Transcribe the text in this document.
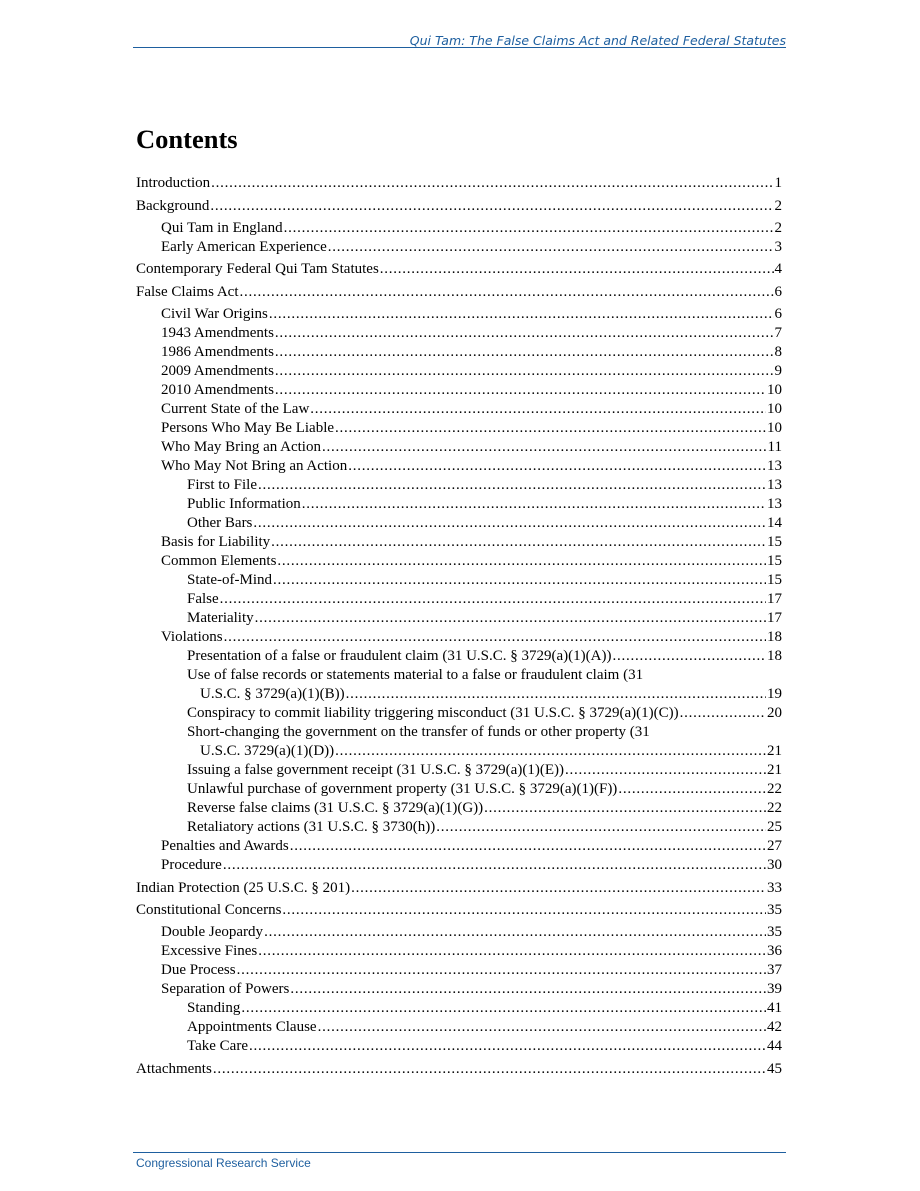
Qui Tam: The False Claims Act and Related Federal Statutes
Contents
Introduction . . .	1
Background . . .	2
Qui Tam in England . . .	2
Early American Experience . . .	3
Contemporary Federal Qui Tam Statutes . . .	4
False Claims Act . . .	6
Civil War Origins . . .	6
1943 Amendments . . .	7
1986 Amendments . . .	8
2009 Amendments . . .	9
2010 Amendments . . .	10
Current State of the Law . . .	10
Persons Who May Be Liable . . .	10
Who May Bring an Action . . .	11
Who May Not Bring an Action . . .	13
First to File . . .	13
Public Information . . .	13
Other Bars . . .	14
Basis for Liability . . .	15
Common Elements . . .	15
State-of-Mind . . .	15
False . . .	17
Materiality . . .	17
Violations . . .	18
Presentation of a false or fraudulent claim (31 U.S.C. § 3729(a)(1)(A)) . . .	18
Use of false records or statements material to a false or fraudulent claim (31
U.S.C. § 3729(a)(1)(B)) . . .	19
Conspiracy to commit liability triggering misconduct (31 U.S.C. § 3729(a)(1)(C)) . . .	20
Short-changing the government on the transfer of funds or other property (31
U.S.C. 3729(a)(1)(D)) . . .	21
Issuing a false government receipt (31 U.S.C. § 3729(a)(1)(E)) . . .	21
Unlawful purchase of government property (31 U.S.C. § 3729(a)(1)(F)) . . .	22
Reverse false claims (31 U.S.C. § 3729(a)(1)(G)) . . .	22
Retaliatory actions (31 U.S.C. § 3730(h)) . . .	25
Penalties and Awards . . .	27
Procedure . . .	30
Indian Protection (25 U.S.C. § 201) . . .	33
Constitutional Concerns . . .	35
Double Jeopardy . . .	35
Excessive Fines . . .	36
Due Process . . .	37
Separation of Powers . . .	39
Standing . . .	41
Appointments Clause . . .	42
Take Care . . .	44
Attachments . . .	45
Congressional Research Service
